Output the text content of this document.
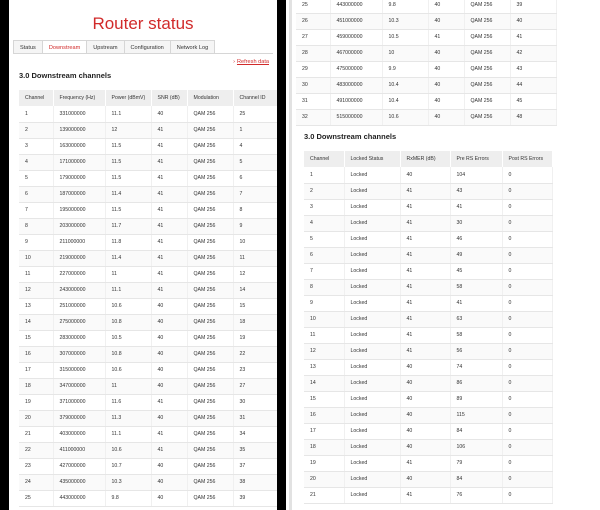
Router status
Status	Downstream	Upstream	Configuration	Network Log
› Refresh data
3.0 Downstream channels
Channel	Frequency (Hz)	Power (dBmV)	SNR (dB)	Modulation	Channel ID
1	331000000	11.1	40	QAM 256	25
2	139000000	12	41	QAM 256	1
3	163000000	11.5	41	QAM 256	4
4	171000000	11.5	41	QAM 256	5
5	179000000	11.5	41	QAM 256	6
6	187000000	11.4	41	QAM 256	7
7	195000000	11.5	41	QAM 256	8
8	203000000	11.7	41	QAM 256	9
9	211000000	11.8	41	QAM 256	10
10	219000000	11.4	41	QAM 256	11
11	227000000	11	41	QAM 256	12
12	243000000	11.1	41	QAM 256	14
13	251000000	10.6	40	QAM 256	15
14	275000000	10.8	40	QAM 256	18
15	283000000	10.5	40	QAM 256	19
16	307000000	10.8	40	QAM 256	22
17	315000000	10.6	40	QAM 256	23
18	347000000	11	40	QAM 256	27
19	371000000	11.6	41	QAM 256	30
20	379000000	11.3	40	QAM 256	31
21	403000000	11.1	41	QAM 256	34
22	411000000	10.6	41	QAM 256	35
23	427000000	10.7	40	QAM 256	37
24	435000000	10.3	40	QAM 256	38
25	443000000	9.8	40	QAM 256	39
25	443000000	9.8	40	QAM 256	39
26	451000000	10.3	40	QAM 256	40
27	459000000	10.5	41	QAM 256	41
28	467000000	10	40	QAM 256	42
29	475000000	9.9	40	QAM 256	43
30	483000000	10.4	40	QAM 256	44
31	491000000	10.4	40	QAM 256	45
32	515000000	10.6	40	QAM 256	48
3.0 Downstream channels
Channel	Locked Status	RxMER (dB)	Pre RS Errors	Post RS Errors
1	Locked	40	104	0
2	Locked	41	43	0
3	Locked	41	41	0
4	Locked	41	30	0
5	Locked	41	46	0
6	Locked	41	49	0
7	Locked	41	45	0
8	Locked	41	58	0
9	Locked	41	41	0
10	Locked	41	63	0
11	Locked	41	58	0
12	Locked	41	56	0
13	Locked	40	74	0
14	Locked	40	86	0
15	Locked	40	89	0
16	Locked	40	115	0
17	Locked	40	84	0
18	Locked	40	106	0
19	Locked	41	79	0
20	Locked	40	84	0
21	Locked	41	76	0
